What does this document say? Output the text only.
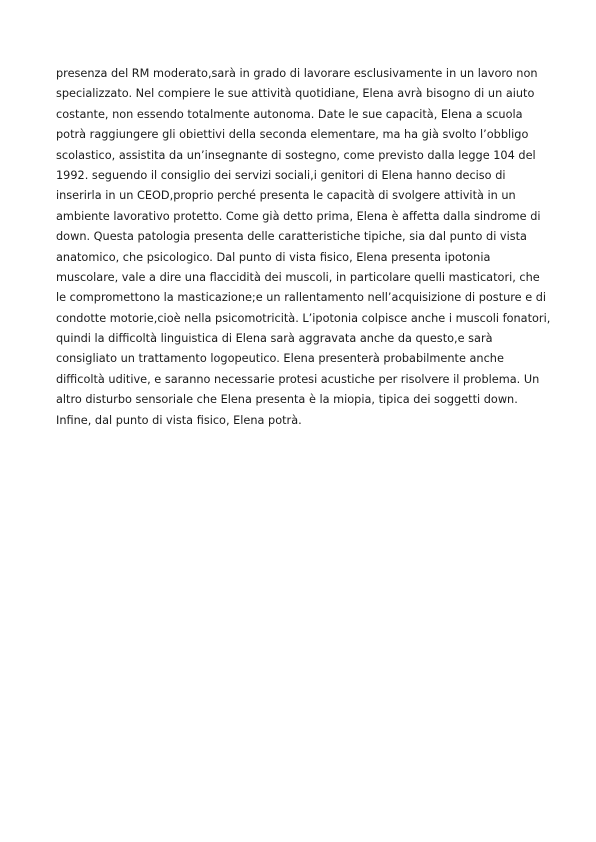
presenza del RM moderato,sarà in grado di lavorare esclusivamente in un lavoro non
specializzato. Nel compiere le sue attività quotidiane, Elena avrà bisogno di un aiuto
costante, non essendo totalmente autonoma. Date le sue capacità, Elena a scuola
potrà raggiungere gli obiettivi della seconda elementare, ma ha già svolto l’obbligo
scolastico, assistita da un’insegnante di sostegno, come previsto dalla legge 104 del
1992. seguendo il consiglio dei servizi sociali,i genitori di Elena hanno deciso di
inserirla in un CEOD,proprio perché presenta le capacità di svolgere attività in un
ambiente lavorativo protetto. Come già detto prima, Elena è affetta dalla sindrome di
down. Questa patologia presenta delle caratteristiche tipiche, sia dal punto di vista
anatomico, che psicologico. Dal punto di vista fisico, Elena presenta ipotonia
muscolare, vale a dire una flaccidità dei muscoli, in particolare quelli masticatori, che
le compromettono la masticazione;e un rallentamento nell’acquisizione di posture e di
condotte motorie,cioè nella psicomotricità. L’ipotonia colpisce anche i muscoli fonatori,
quindi la difficoltà linguistica di Elena sarà aggravata anche da questo,e sarà
consigliato un trattamento logopeutico. Elena presenterà probabilmente anche
difficoltà uditive, e saranno necessarie protesi acustiche per risolvere il problema. Un
altro disturbo sensoriale che Elena presenta è la miopia, tipica dei soggetti down.
Infine, dal punto di vista fisico, Elena potrà.
